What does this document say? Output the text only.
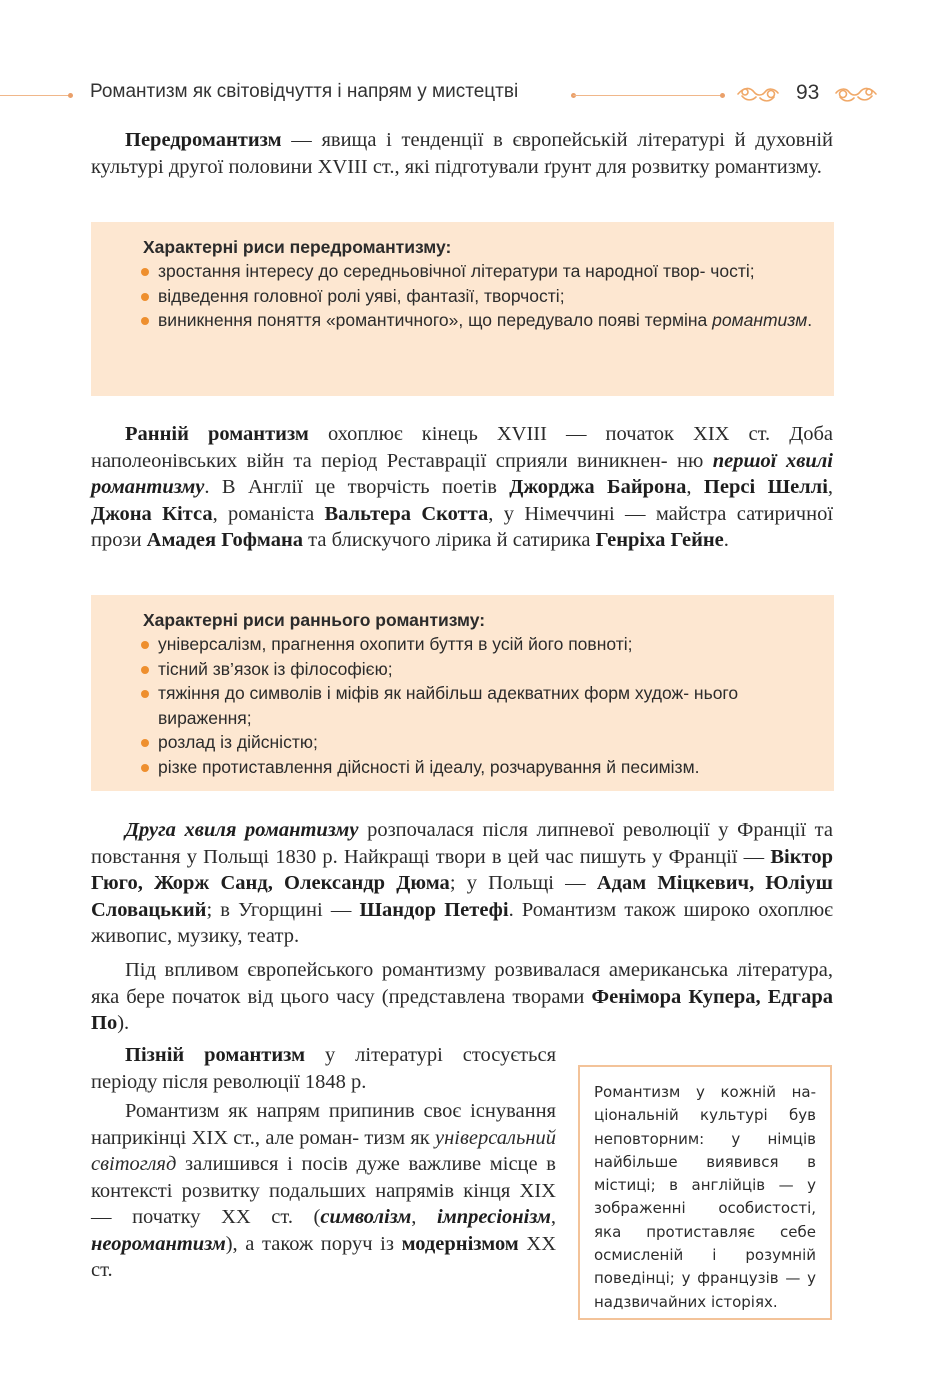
Романтизм як світовідчуття і напрям у мистецтві	93

Передромантизм — явища і тенденції в європейській літературі й духовній культурі другої половини XVIII ст., які підготували ґрунт для розвитку романтизму.

Характерні риси передромантизму:
зростання інтересу до середньовічної літератури та народної твор- чості;
відведення головної ролі уяві, фантазії, творчості;
виникнення поняття «романтичного», що передувало появі терміна романтизм.

Ранній романтизм охоплює кінець XVIII — початок XIX ст. Доба наполеонівських війн та період Реставрації сприяли виникнен- ню першої хвилі романтизму. В Англії це творчість поетів Джорджа Байрона, Персі Шеллі, Джона Кітса, романіста Вальтера Скотта, у Німеччині — майстра сатиричної прози Амадея Гофмана та блискучого лірика й сатирика Генріха Гейне.

Характерні риси раннього романтизму:
універсалізм, прагнення охопити буття в усій його повноті;
тісний зв’язок із філософією;
тяжіння до символів і міфів як найбільш адекватних форм худож- нього вираження;
розлад із дійсністю;
різке протиставлення дійсності й ідеалу, розчарування й песимізм.

Друга хвиля романтизму розпочалася після липневої революції у Франції та повстання у Польщі 1830 р. Найкращі твори в цей час пишуть у Франції — Віктор Гюго, Жорж Санд, Олександр Дюма; у Польщі — Адам Міцкевич, Юліуш Словацький; в Угорщині — Шандор Петефі. Романтизм також широко охоплює живопис, музику, театр.

Під впливом європейського романтизму розвивалася американська література, яка бере початок від цього часу (представлена творами Фенімора Купера, Едгара По).

Пізній романтизм у літературі стосується періоду після революції 1848 р.

Романтизм як напрям припинив своє існування наприкінці XIX ст., але роман- тизм як універсальний світогляд залишився і посів дуже важливе місце в контексті розвитку подальших напрямів кінця XIX — початку XX ст. (символізм, імпресіонізм, неоромантизм), а також поруч із модернізмом XX ст.

Романтизм у кожній на- ціональній культурі був неповторним: у німців найбільше виявився в містиці; в англійців — у зображенні особистості, яка протиставляє себе осмисленій і розумній поведінці; у французів — у надзвичайних історіях.
